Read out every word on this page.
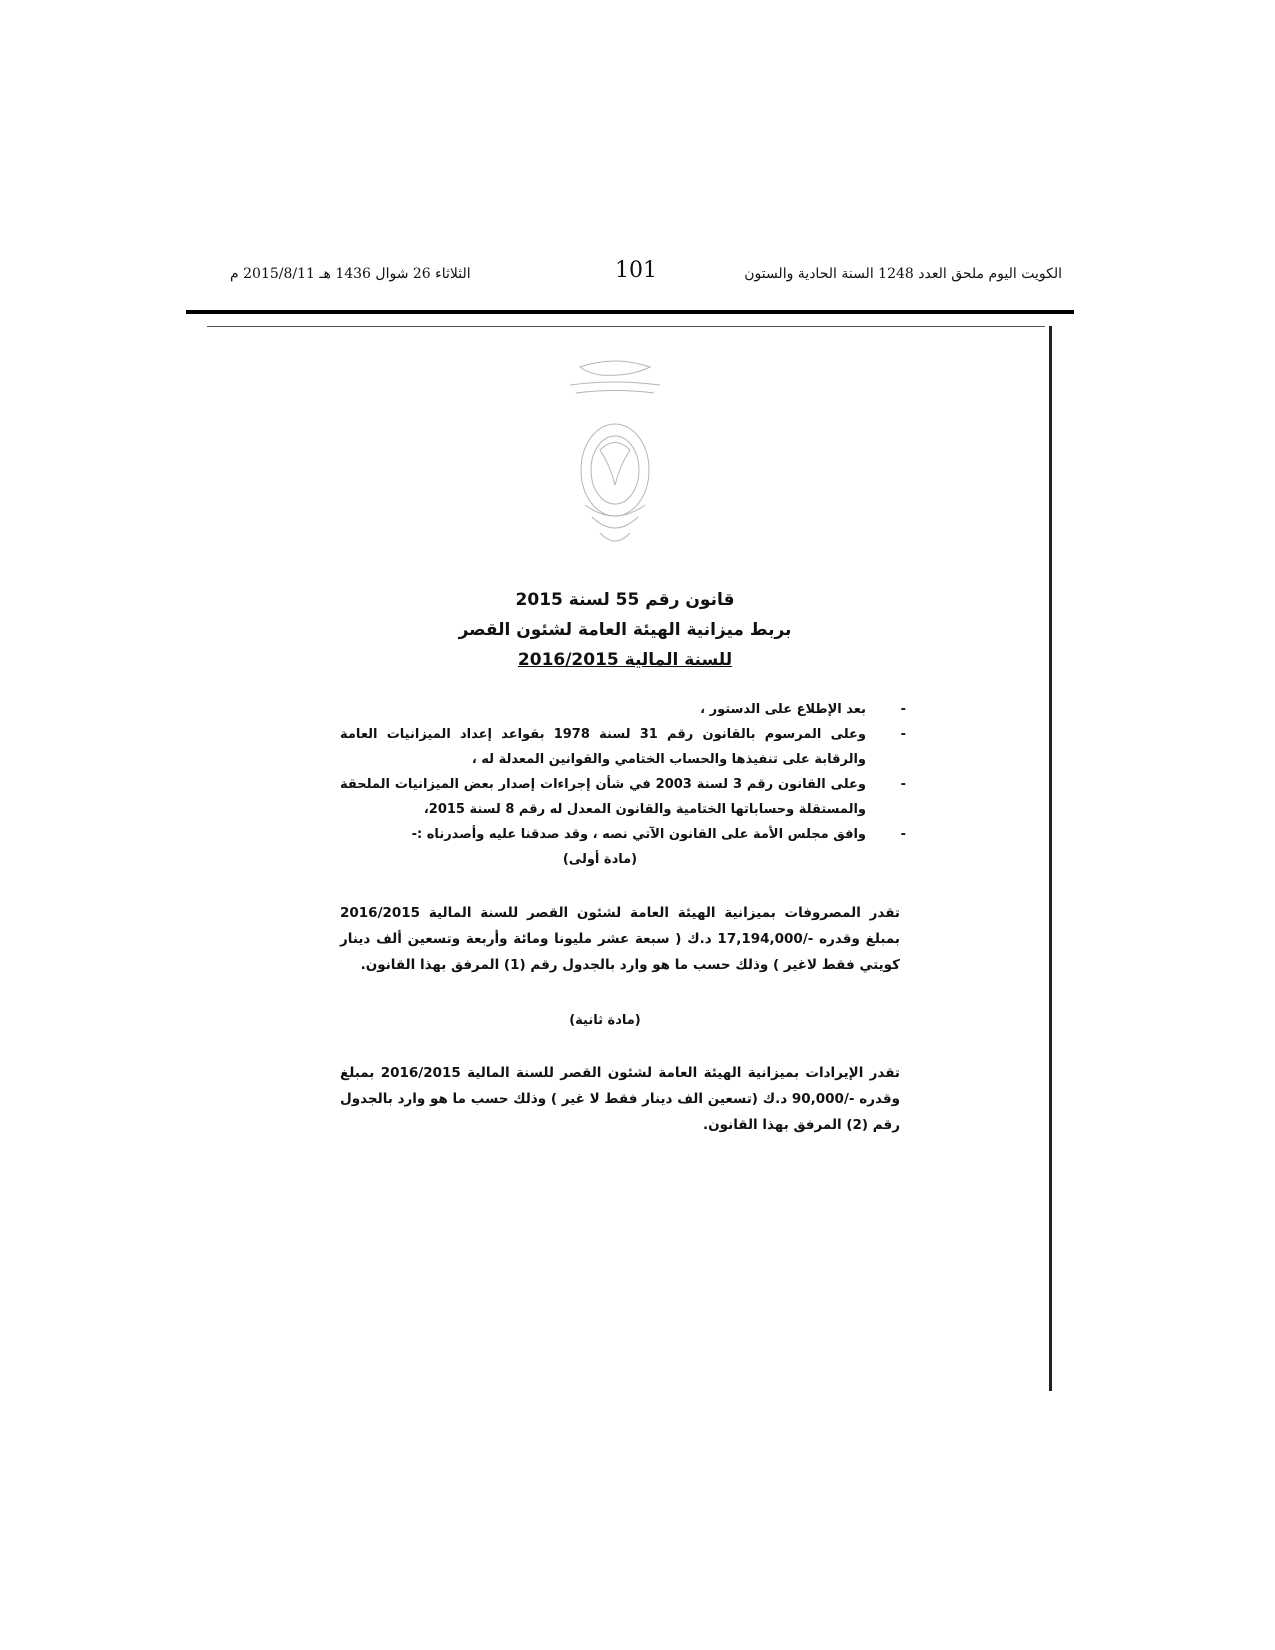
الكويت اليوم ملحق العدد 1248 السنة الحادية والستون
101
الثلاثاء 26 شوال 1436 هـ 2015/8/11 م
قانون رقم 55 لسنة 2015
بربط ميزانية الهيئة العامة لشئون القصر
للسنة المالية 2016/2015
-
بعد الإطلاع على الدستور ،
-
وعلى المرسوم بالقانون رقم 31 لسنة 1978 بقواعد إعداد الميزانيات العامة والرقابة على تنفيذها والحساب الختامي والقوانين المعدلة له ،
-
وعلى القانون رقم 3 لسنة 2003 في شأن إجراءات إصدار بعض الميزانيات الملحقة والمستقلة وحساباتها الختامية والقانون المعدل له رقم 8 لسنة 2015،
-
وافق مجلس الأمة على القانون الآتي نصه ، وقد صدقنا عليه وأصدرناه :-
(مادة أولى)
تقدر المصروفات بميزانية الهيئة العامة لشئون القصر للسنة المالية 2016/2015 بمبلغ وقدره -/17,194,000 د.ك ( سبعة عشر مليونا ومائة وأربعة وتسعين ألف دينار كويتي فقط لاغير ) وذلك حسب ما هو وارد بالجدول رقم (1) المرفق بهذا القانون.
(مادة ثانية)
تقدر الإيرادات بميزانية الهيئة العامة لشئون القصر للسنة المالية 2016/2015 بمبلغ وقدره -/90,000 د.ك (تسعين الف دينار فقط لا غير ) وذلك حسب ما هو وارد بالجدول رقم (2) المرفق بهذا القانون.
